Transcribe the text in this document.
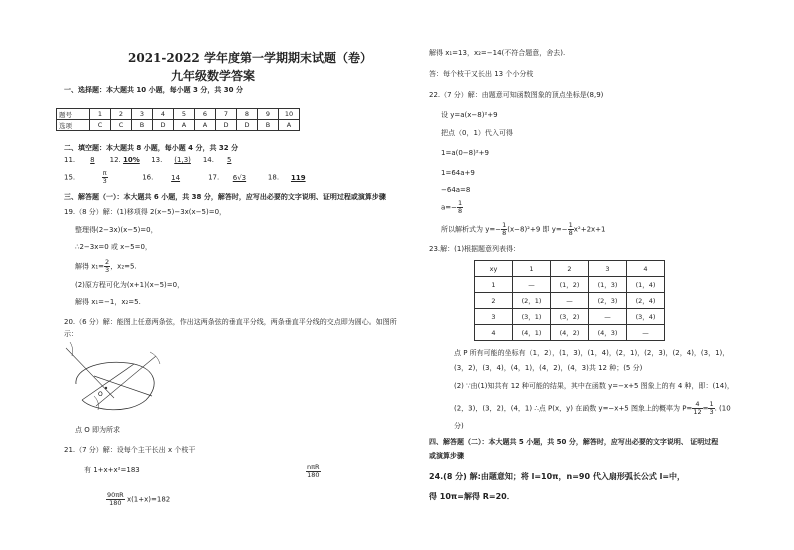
2021-2022 学年度第一学期期末试题（卷）
九年级数学答案
一、选择题：本大题共 10 小题，每小题 3 分，共 30 分
题号	1	2	3	4	5	6	7	8	9	10
选项	C	C	B	D	A	A	D	D	B	A
二、填空题：本大题共 8 小题，每小题 4 分，共 32 分
11. 8 12. 10% 13. (1,3) 14. 5
15.	$\frac{\pi}{3}$	16.	14	17. 6√3	18. 119
三、解答题（一）：本大题共 6 小题，共 38 分，解答时，应写出必要的文字说明、证明过程或演算步骤
19.（8 分）解：(1)移项得 2(x−5)−3x(x−5)=0，
整理得(2−3x)(x−5)=0，
∴2−3x=0 或 x−5=0，
解得 $x_1= \frac{2}{3}$ ，x₂=5.
(2)原方程可化为(x+1)(x−5)=0，
解得 x₁=−1，x₂=5.
20.（6 分）解：能图上任意两条弦，作出这两条弦的垂直平分线，两条垂直平分线的交点即为圆心。如图所
示：
O
点 O 即为所求
21.（7 分）解：设每个主干长出 x 个枝干
有 1+x+x²=183	$\frac{\text{nπR}}{180}$
$\frac{90\pi R}{180} x(1+x)=182$
解得 x₁=13，x₂=−14(不符合题意，舍去).
答：每个枝干又长出 13 个小分枝
22.（7 分）解：由题意可知函数图象的顶点坐标是(8,9)
设 y=a(x−8)²+9
把点（0，1）代入可得
1=a(0−8)²+9
1=64a+9
−64a=8
$a=- \frac{1}{8}$
所以解析式为 $y=- \frac{1}{8} (x-8)^2+9$ 即 $y=- \frac{1}{8} x^2+2x+1$
23.解：(1)根据题意列表得：
xy	1	2	3	4
1	—	(1，2)	(1，3)	(1，4)
2	(2，1)	—	(2，3)	(2，4)
3	(3，1)	(3，2)	—	(3，4)
4	(4，1)	(4，2)	(4，3)	—
点 P 所有可能的坐标有（1，2），(1，3)，(1，4)，(2，1)，(2，3)，(2，4)，(3，1)，
(3，2)，(3，4)，(4，1)，(4，2)，(4，3)共 12 种；(5 分)
(2) ∵由(1)知共有 12 种可能的结果，其中在函数 y=−x+5 图象上的有 4 种，即：(14)，
(2，3)，(3，2)，(4，1) ∴点 P(x，y) 在函数 y=−x+5 图象上的概率为 $P= \frac{4}{12} = \frac{1}{3}$ . (10
分)
四、解答题（二）：本大题共 5 小题，共 50 分，解答时，应写出必要的文字说明、 证明过程
或演算步骤
24.(8 分) 解:由题意知；将 l=10π，n=90 代入扇形弧长公式 l=中，
得 10π=解得 R=20．
